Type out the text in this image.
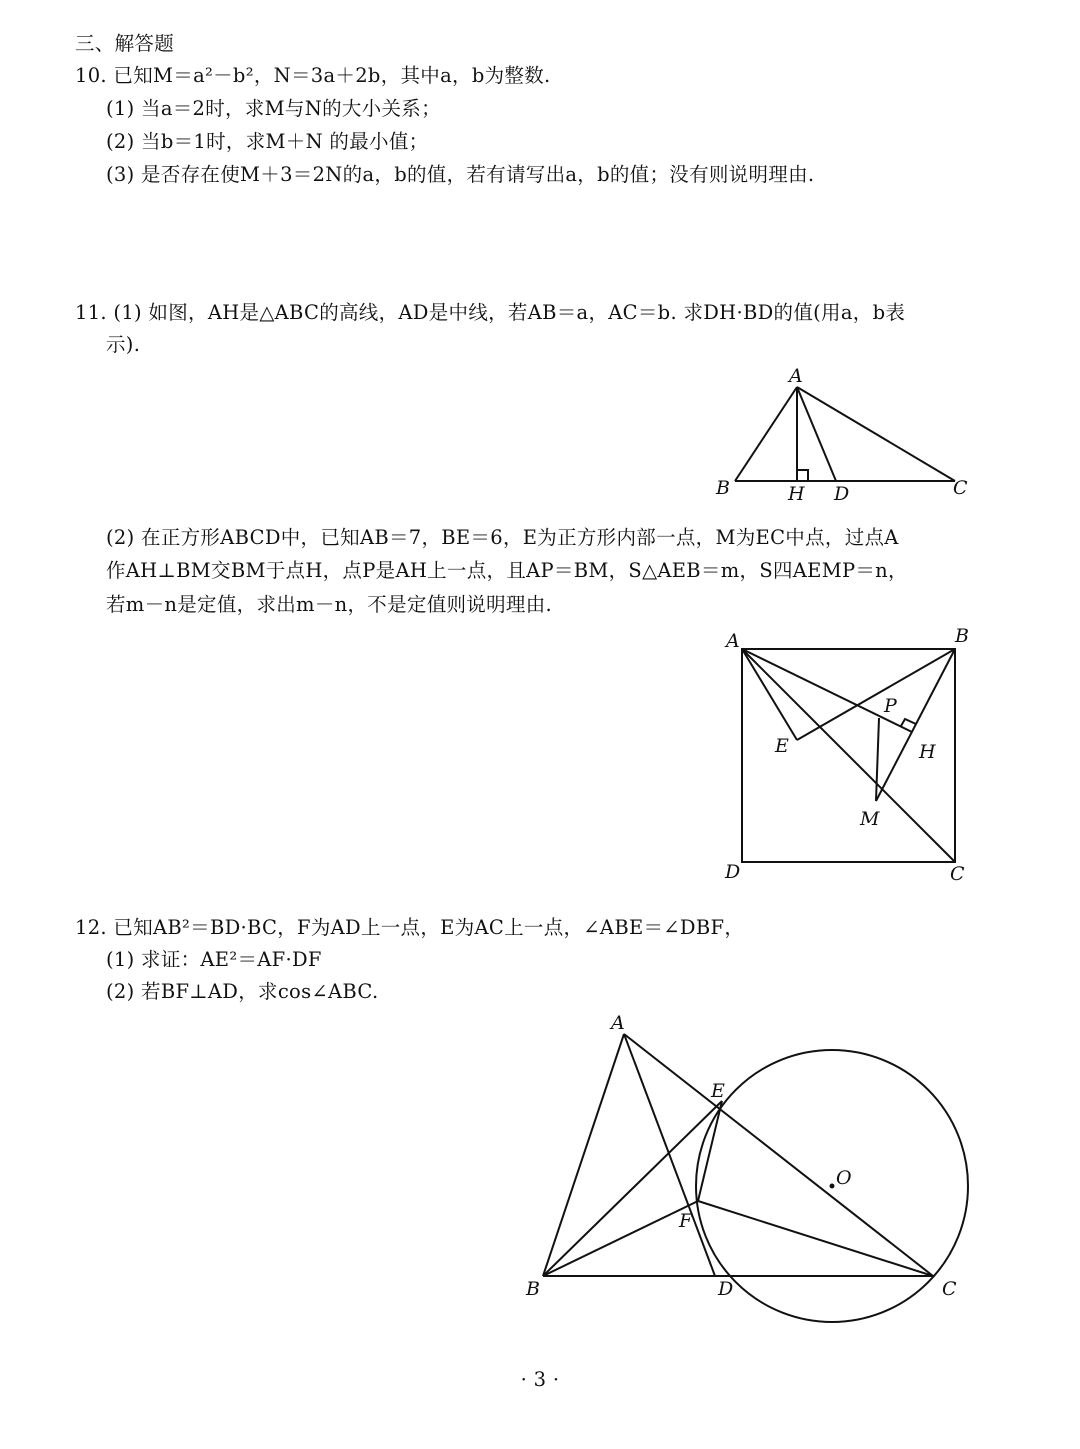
三、解答题
10. 已知M＝a²－b²，N＝3a＋2b，其中a，b为整数.
(1) 当a＝2时，求M与N的大小关系；
(2) 当b＝1时，求M＋N 的最小值；
(3) 是否存在使M＋3＝2N的a，b的值，若有请写出a，b的值；没有则说明理由.
11. (1) 如图，AH是△ABC的高线，AD是中线，若AB＝a，AC＝b. 求DH·BD的值(用a，b表
示).
A
B	H D	C
(2) 在正方形ABCD中，已知AB＝7，BE＝6，E为正方形内部一点，M为EC中点，过点A
作AH⊥BM交BM于点H，点P是AH上一点，且AP＝BM，S△AEB＝m，S四AEMP＝n，
若m－n是定值，求出m－n，不是定值则说明理由.
A	B
D	C
E
P
H
M
12. 已知AB²＝BD·BC，F为AD上一点，E为AC上一点，∠ABE＝∠DBF，
(1) 求证：AE²＝AF·DF
(2) 若BF⊥AD，求cos∠ABC.
A
E
O
F
B	D	C
· 3 ·
